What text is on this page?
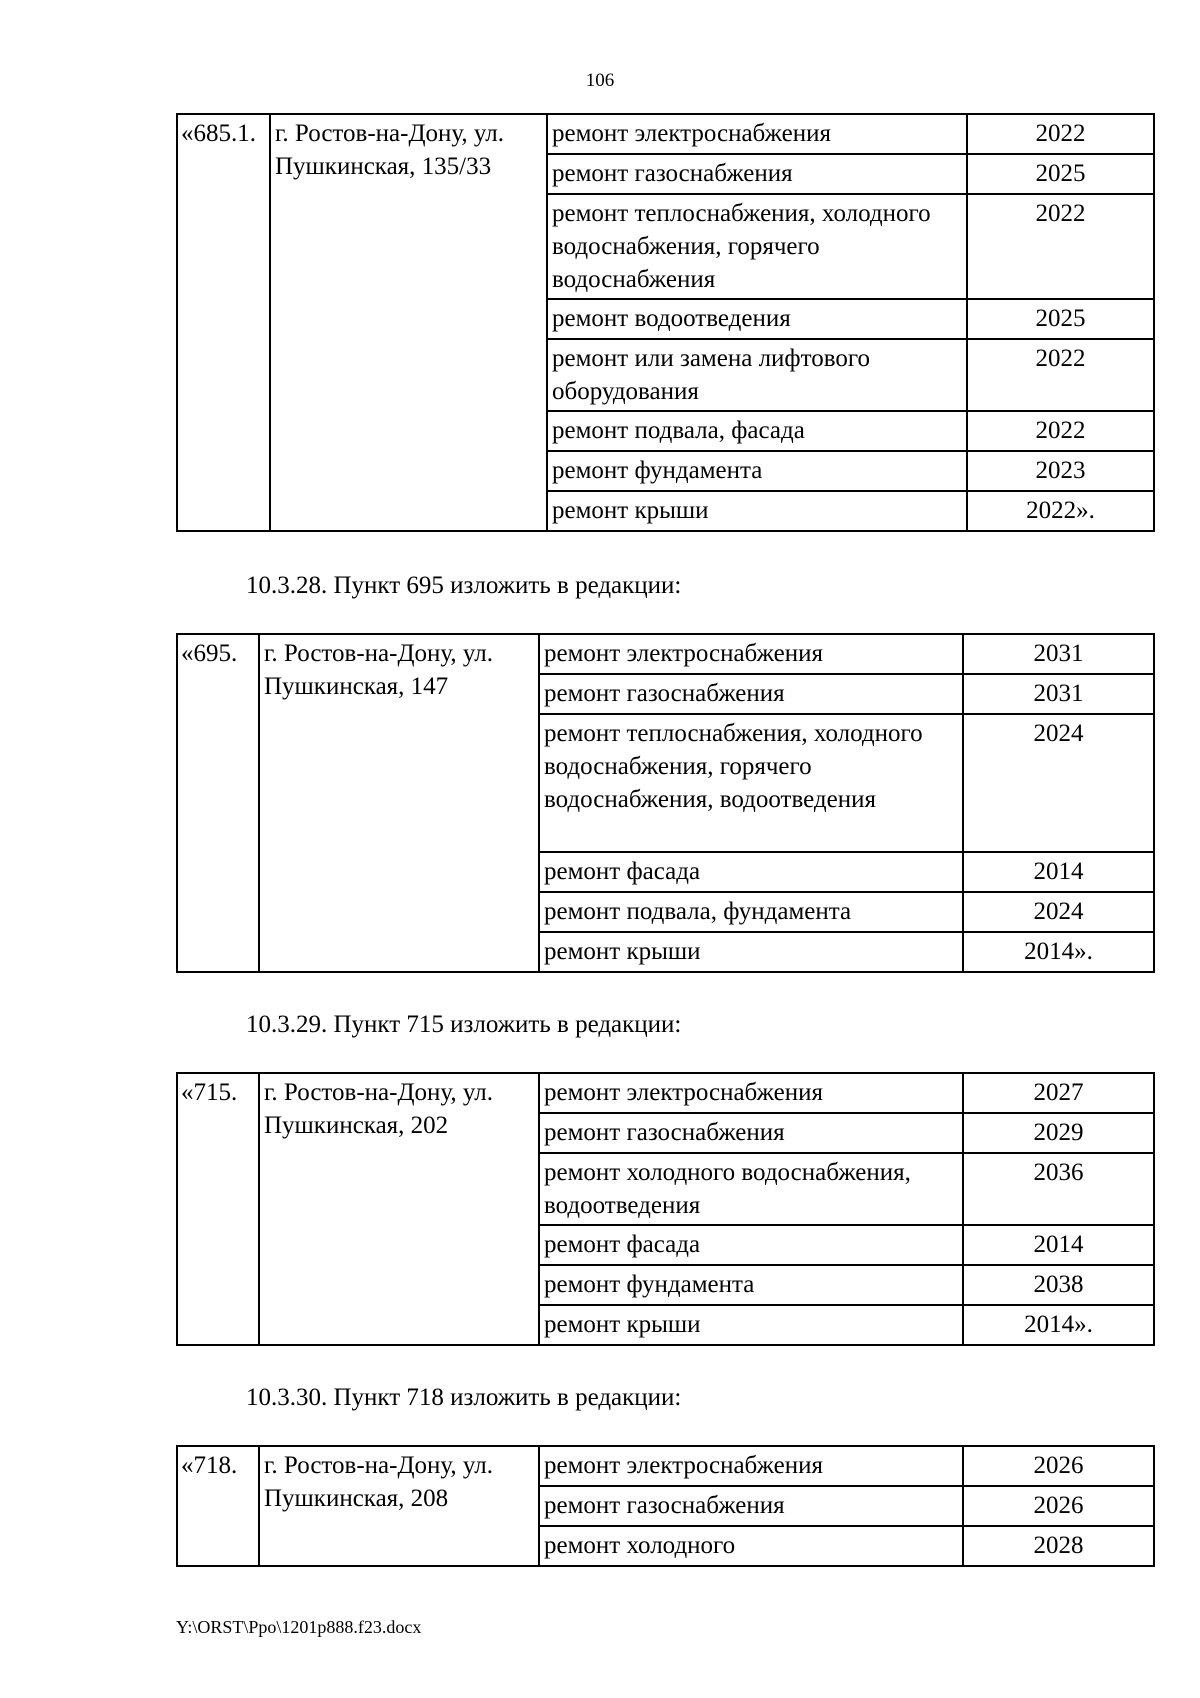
106
«685.1.	г. Ростов-на-Дону, ул. Пушкинская, 135/33	ремонт электроснабжения	2022
		ремонт газоснабжения	2025
		ремонт теплоснабжения, холодного водоснабжения, горячего водоснабжения	2022
		ремонт водоотведения	2025
		ремонт или замена лифтового оборудования	2022
		ремонт подвала, фасада	2022
		ремонт фундамента	2023
		ремонт крыши	2022».
10.3.28. Пункт 695 изложить в редакции:
«695.	г. Ростов-на-Дону, ул. Пушкинская, 147	ремонт электроснабжения	2031
		ремонт газоснабжения	2031
		ремонт теплоснабжения, холодного водоснабжения, горячего водоснабжения, водоотведения	2024
		ремонт фасада	2014
		ремонт подвала, фундамента	2024
		ремонт крыши	2014».
10.3.29. Пункт 715 изложить в редакции:
«715.	г. Ростов-на-Дону, ул. Пушкинская, 202	ремонт электроснабжения	2027
		ремонт газоснабжения	2029
		ремонт холодного водоснабжения, водоотведения	2036
		ремонт фасада	2014
		ремонт фундамента	2038
		ремонт крыши	2014».
10.3.30. Пункт 718 изложить в редакции:
«718.	г. Ростов-на-Дону, ул. Пушкинская, 208	ремонт электроснабжения	2026
		ремонт газоснабжения	2026
		ремонт холодного	2028
Y:\ORST\Ppo\1201p888.f23.docx
